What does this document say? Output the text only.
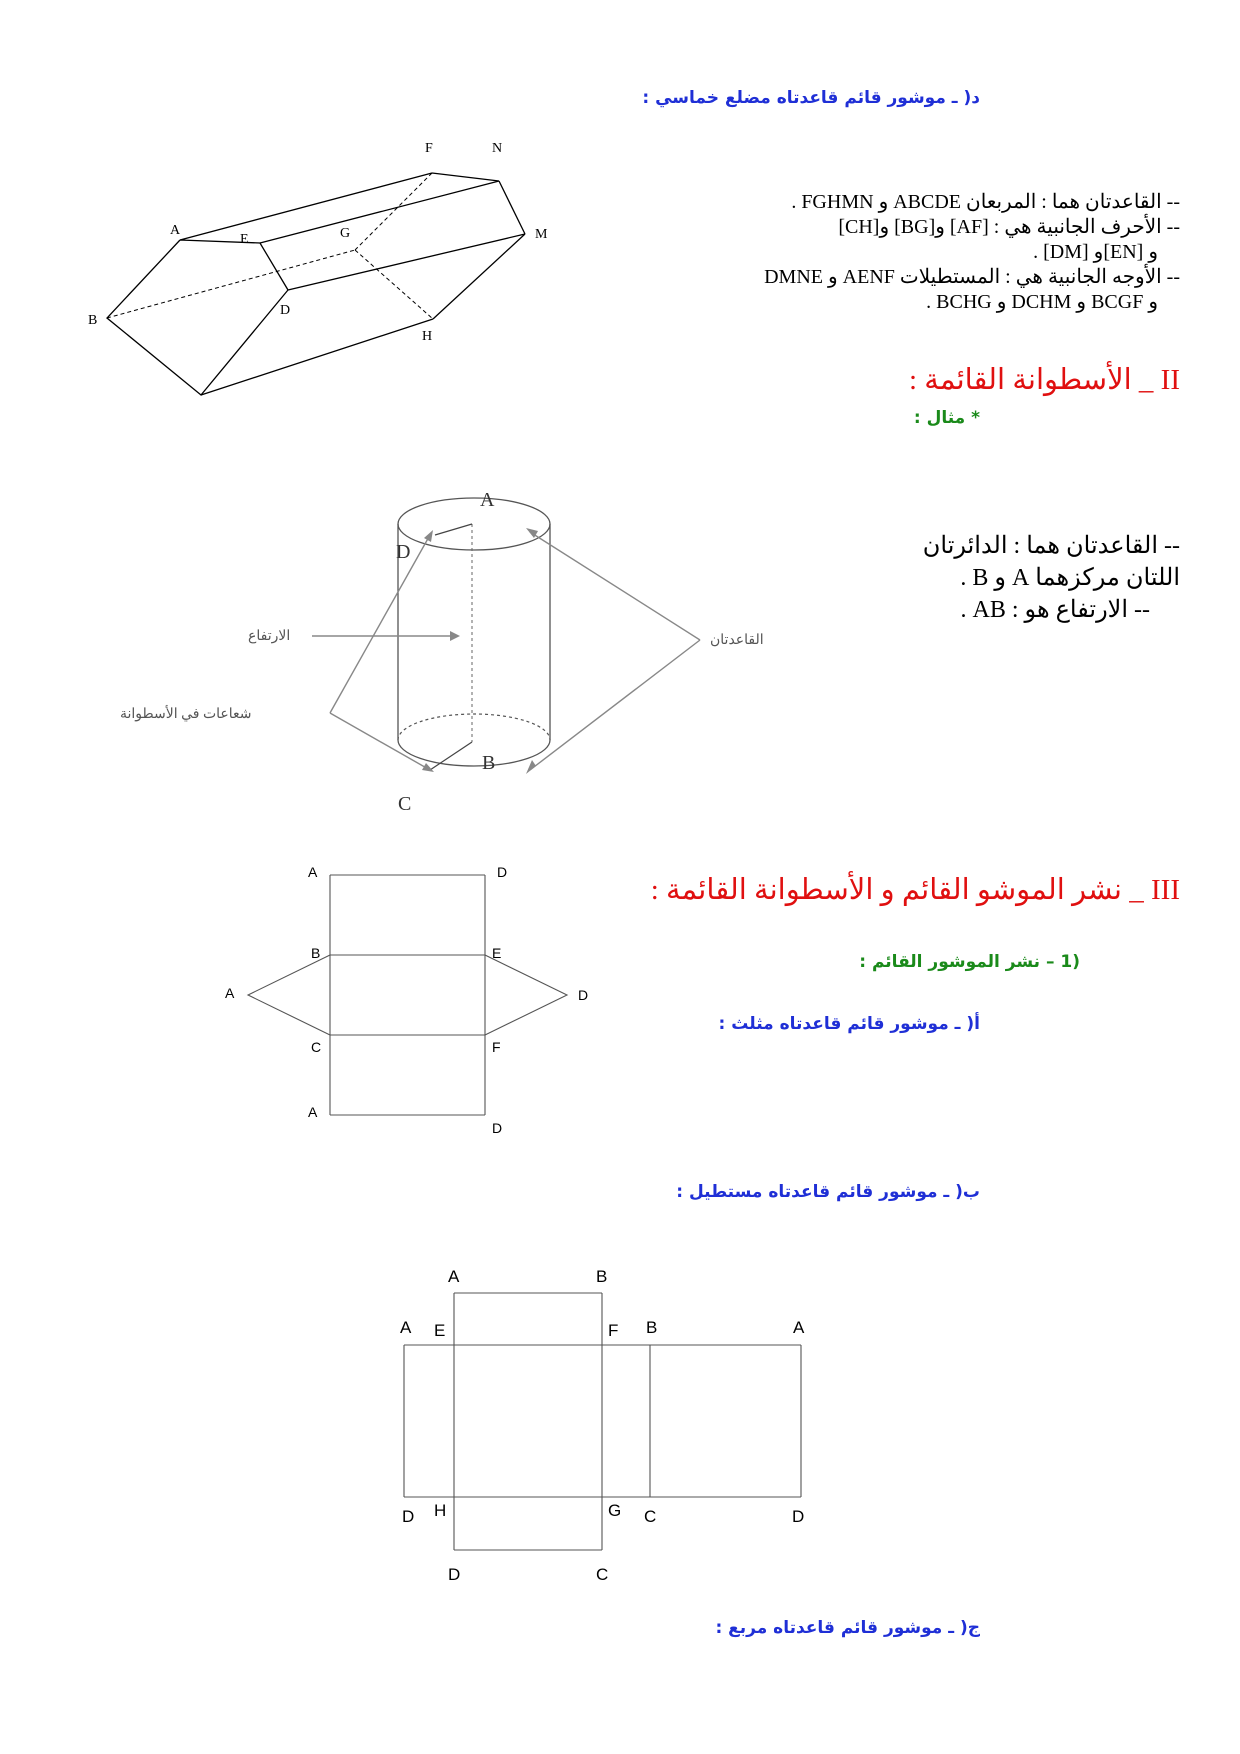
د( ـ موشور قائم قاعدتاه مضلع خماسي :
A
B
D
E
F
G
H
M
N
-- القاعدتان هما : المربعان ABCDE و FGHMN .
-- الأحرف الجانبية هي : [AF] و[BG] و[CH]
و [EN]و [DM] .
-- الأوجه الجانبية هي : المستطيلات AENF و DMNE
و BCGF و DCHM و BCHG .
II _ الأسطوانة القائمة :
* مثال :
A
B
C
D
الارتفاع
شعاعات في الأسطوانة
القاعدتان
-- القاعدتان هما : الدائرتان
اللتان مركزهما A و B .
-- الارتفاع هو : AB .
A	D
B	E
A	D
C	F
A
D
III _ نشر الموشو القائم و الأسطوانة القائمة :
(1 – نشر الموشور القائم :
أ( ـ موشور قائم قاعدتاه مثلث :
ب( ـ موشور قائم قاعدتاه مستطيل :
A	B
A E	F B	A
D H	G C	D
D	C
ج( ـ موشور قائم قاعدتاه مربع :
